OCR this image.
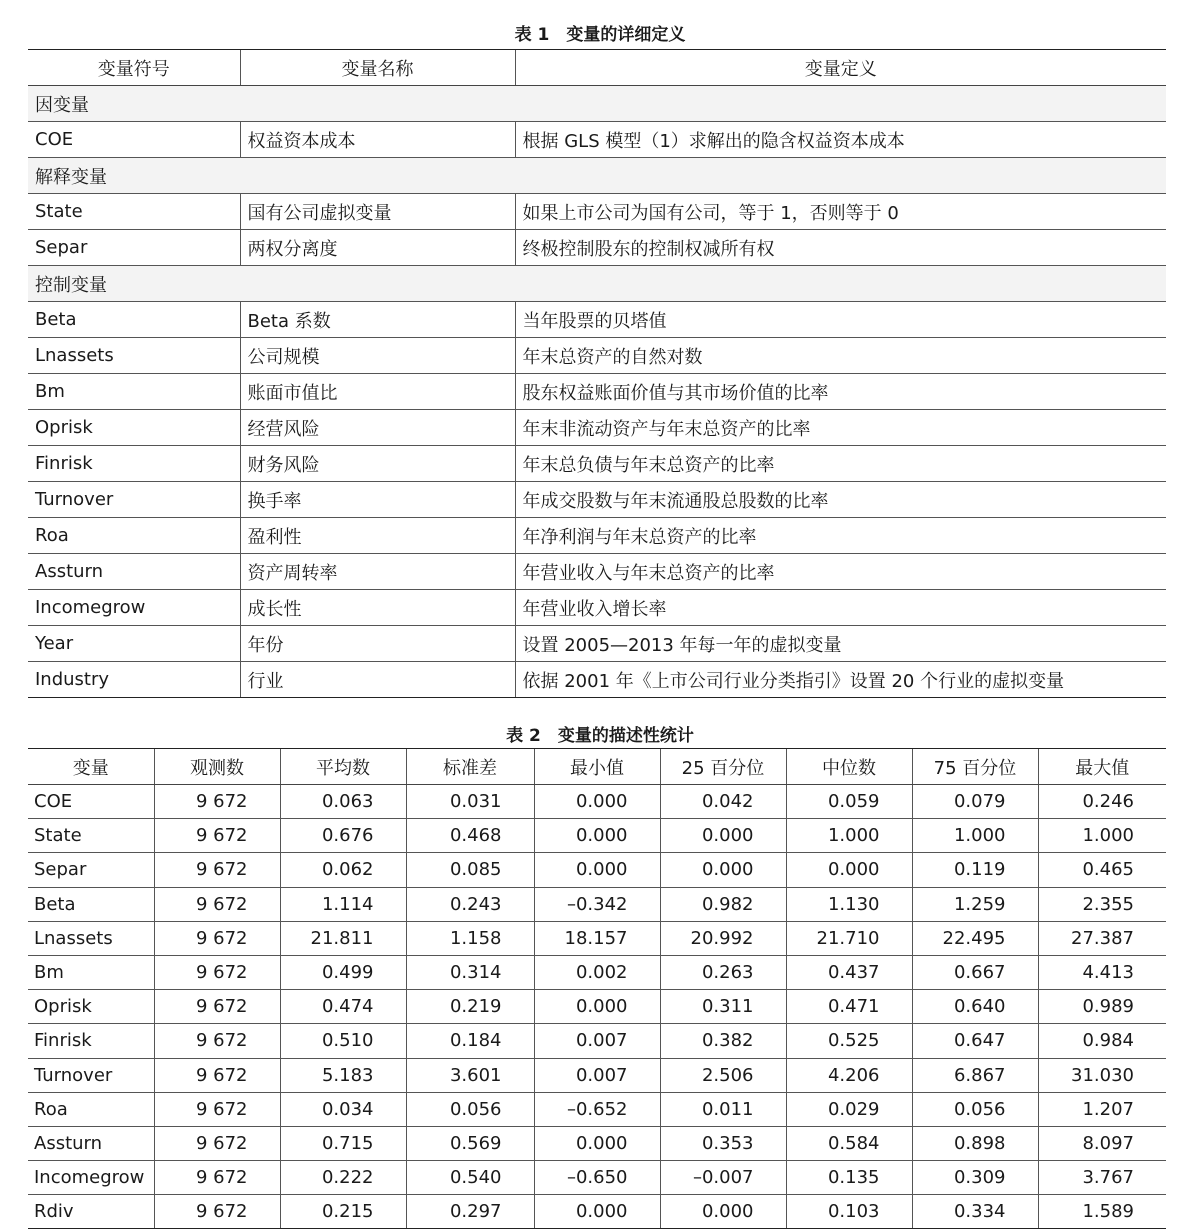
表 1　变量的详细定义
变量符号	变量名称	变量定义
因变量		
COE	权益资本成本	根据 GLS 模型（1）求解出的隐含权益资本成本
解释变量		
State	国有公司虚拟变量	如果上市公司为国有公司，等于 1，否则等于 0
Separ	两权分离度	终极控制股东的控制权减所有权
控制变量		
Beta	Beta 系数	当年股票的贝塔值
Lnassets	公司规模	年末总资产的自然对数
Bm	账面市值比	股东权益账面价值与其市场价值的比率
Oprisk	经营风险	年末非流动资产与年末总资产的比率
Finrisk	财务风险	年末总负债与年末总资产的比率
Turnover	换手率	年成交股数与年末流通股总股数的比率
Roa	盈利性	年净利润与年末总资产的比率
Assturn	资产周转率	年营业收入与年末总资产的比率
Incomegrow	成长性	年营业收入增长率
Year	年份	设置 2005—2013 年每一年的虚拟变量
Industry	行业	依据 2001 年《上市公司行业分类指引》设置 20 个行业的虚拟变量
表 2　变量的描述性统计
变量	观测数	平均数	标准差	最小值	25 百分位	中位数	75 百分位	最大值
COE	9 672	0.063	0.031	0.000	0.042	0.059	0.079	0.246
State	9 672	0.676	0.468	0.000	0.000	1.000	1.000	1.000
Separ	9 672	0.062	0.085	0.000	0.000	0.000	0.119	0.465
Beta	9 672	1.114	0.243	–0.342	0.982	1.130	1.259	2.355
Lnassets	9 672	21.811	1.158	18.157	20.992	21.710	22.495	27.387
Bm	9 672	0.499	0.314	0.002	0.263	0.437	0.667	4.413
Oprisk	9 672	0.474	0.219	0.000	0.311	0.471	0.640	0.989
Finrisk	9 672	0.510	0.184	0.007	0.382	0.525	0.647	0.984
Turnover	9 672	5.183	3.601	0.007	2.506	4.206	6.867	31.030
Roa	9 672	0.034	0.056	–0.652	0.011	0.029	0.056	1.207
Assturn	9 672	0.715	0.569	0.000	0.353	0.584	0.898	8.097
Incomegrow	9 672	0.222	0.540	–0.650	–0.007	0.135	0.309	3.767
Rdiv	9 672	0.215	0.297	0.000	0.000	0.103	0.334	1.589
